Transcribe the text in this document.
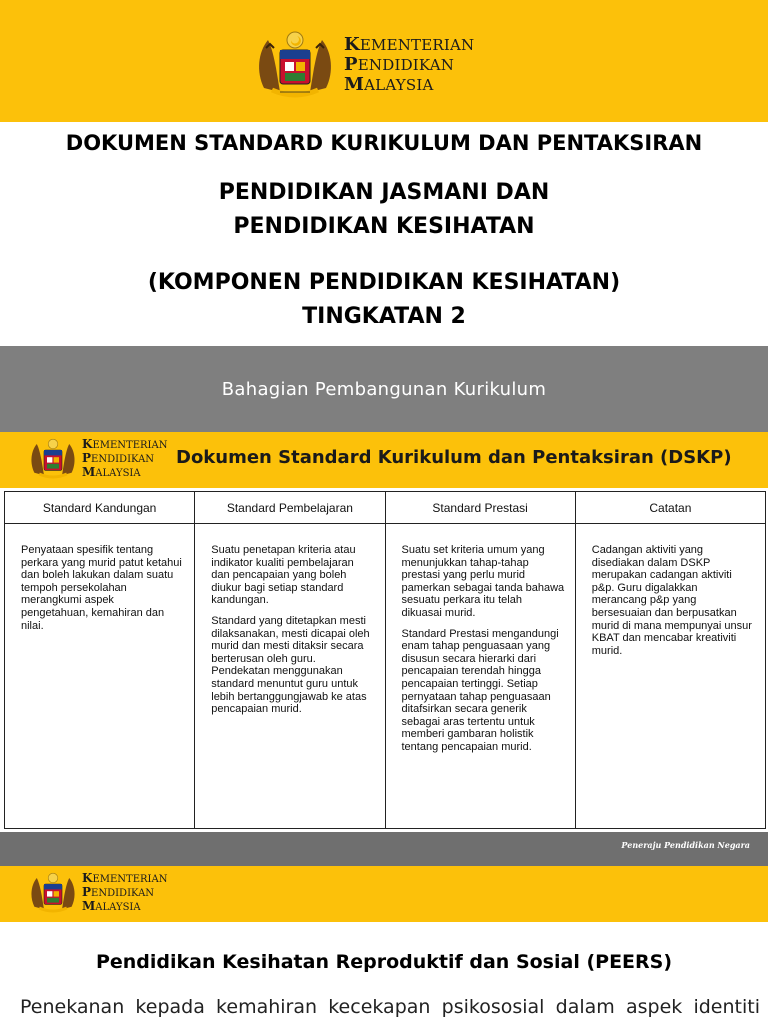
KEMENTERIAN
PENDIDIKAN
MALAYSIA
DOKUMEN STANDARD KURIKULUM DAN PENTAKSIRAN
PENDIDIKAN JASMANI DAN
PENDIDIKAN KESIHATAN
(KOMPONEN PENDIDIKAN KESIHATAN)
TINGKATAN 2
Bahagian Pembangunan Kurikulum
KEMENTERIAN
PENDIDIKAN
MALAYSIA
Dokumen Standard Kurikulum dan Pentaksiran (DSKP)
Standard Kandungan

Penyataan spesifik tentang perkara yang murid patut ketahui dan boleh lakukan dalam suatu tempoh persekolahan merangkumi aspek pengetahuan, kemahiran dan nilai.

Standard Pembelajaran

Suatu penetapan kriteria atau indikator kualiti pembelajaran dan pencapaian yang boleh diukur bagi setiap standard kandungan.

Standard yang ditetapkan mesti dilaksanakan, mesti dicapai oleh murid dan mesti ditaksir secara berterusan oleh guru. Pendekatan menggunakan standard menuntut guru untuk lebih bertanggungjawab ke atas pencapaian murid.

Standard Prestasi

Suatu set kriteria umum yang menunjukkan tahap-tahap prestasi yang perlu murid pamerkan sebagai tanda bahawa sesuatu perkara itu telah dikuasai murid.

Standard Prestasi mengandungi enam tahap penguasaan yang disusun secara hierarki dari pencapaian terendah hingga pencapaian tertinggi. Setiap pernyataan tahap penguasaan ditafsirkan secara generik sebagai aras tertentu untuk memberi gambaran holistik tentang pencapaian murid.

Catatan

Cadangan aktiviti yang disediakan dalam DSKP merupakan cadangan aktiviti p&p. Guru digalakkan merancang p&p yang bersesuaian dan berpusatkan murid di mana mempunyai unsur KBAT dan mencabar kreativiti murid.

Peneraju Pendidikan Negara
KEMENTERIAN
PENDIDIKAN
MALAYSIA
Pendidikan Kesihatan Reproduktif dan Sosial (PEERS)
Penekanan kepada kemahiran kecekapan psikososial dalam aspek identiti
